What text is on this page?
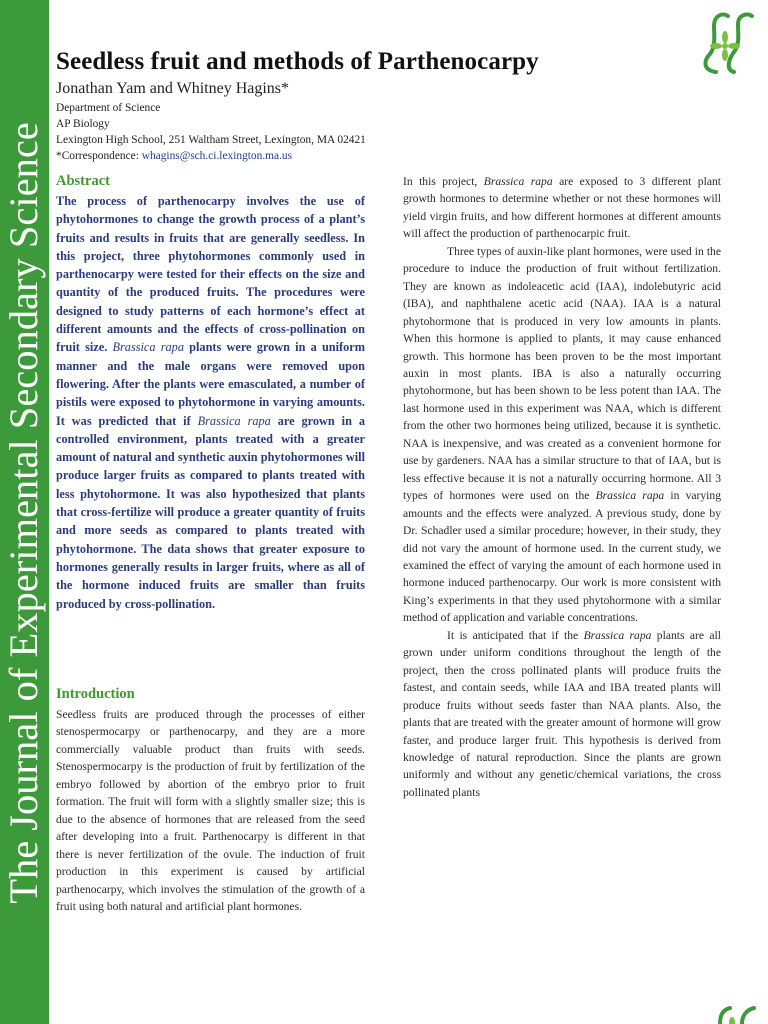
The Journal of Experimental Secondary Science
Seedless fruit and methods of Parthenocarpy
Jonathan Yam and Whitney Hagins*
Department of Science
AP Biology
Lexington High School, 251 Waltham Street, Lexington, MA 02421
*Correspondence: whagins@sch.ci.lexington.ma.us
Abstract
The process of parthenocarpy involves the use of phytohormones to change the growth process of a plant’s fruits and results in fruits that are generally seedless. In this project, three phytohormones commonly used in parthenocarpy were tested for their effects on the size and quantity of the produced fruits. The procedures were designed to study patterns of each hormone’s effect at different amounts and the effects of cross-pollination on fruit size. Brassica rapa plants were grown in a uniform manner and the male organs were removed upon flowering. After the plants were emasculated, a number of pistils were exposed to phytohormone in varying amounts. It was predicted that if Brassica rapa are grown in a controlled environment, plants treated with a greater amount of natural and synthetic auxin phytohormones will produce larger fruits as compared to plants treated with less phytohormone. It was also hypothesized that plants that cross-fertilize will produce a greater quantity of fruits and more seeds as compared to plants treated with phytohormone. The data shows that greater exposure to hormones generally results in larger fruits, where as all of the hormone induced fruits are smaller than fruits produced by cross-pollination.
Introduction
Seedless fruits are produced through the processes of either stenospermocarpy or parthenocarpy, and they are a more commercially valuable product than fruits with seeds. Stenospermocarpy is the production of fruit by fertilization of the embryo followed by abortion of the embryo prior to fruit formation. The fruit will form with a slightly smaller size; this is due to the absence of hormones that are released from the seed after developing into a fruit. Parthenocarpy is different in that there is never fertilization of the ovule. The induction of fruit production in this experiment is caused by artificial parthenocarpy, which involves the stimulation of the growth of a fruit using both natural and artificial plant hormones.

In this project, Brassica rapa are exposed to 3 different plant growth hormones to determine whether or not these hormones will yield virgin fruits, and how different hormones at different amounts will affect the production of parthenocarpic fruit.

Three types of auxin-like plant hormones, were used in the procedure to induce the production of fruit without fertilization. They are known as indoleacetic acid (IAA), indolebutyric acid (IBA), and naphthalene acetic acid (NAA). IAA is a natural phytohormone that is produced in very low amounts in plants. When this hormone is applied to plants, it may cause enhanced growth. This hormone has been proven to be the most important auxin in most plants. IBA is also a naturally occurring phytohormone, but has been shown to be less potent than IAA. The last hormone used in this experiment was NAA, which is different from the other two hormones being utilized, because it is synthetic. NAA is inexpensive, and was created as a convenient hormone for use by gardeners. NAA has a similar structure to that of IAA, but is less effective because it is not a naturally occurring hormone. All 3 types of hormones were used on the Brassica rapa in varying amounts and the effects were analyzed. A previous study, done by Dr. Schadler used a similar procedure; however, in their study, they did not vary the amount of hormone used. In the current study, we examined the effect of varying the amount of each hormone used in hormone induced parthenocarpy. Our work is more consistent with King’s experiments in that they used phytohormone with a similar method of application and variable concentrations.

It is anticipated that if the Brassica rapa plants are all grown under uniform conditions throughout the length of the project, then the cross pollinated plants will produce fruits the fastest, and contain seeds, while IAA and IBA treated plants will produce fruits without seeds faster than NAA plants. Also, the plants that are treated with the greater amount of hormone will grow faster, and produce larger fruit. This hypothesis is derived from knowledge of natural reproduction. Since the plants are grown uniformly and without any genetic/chemical variations, the cross pollinated plants
